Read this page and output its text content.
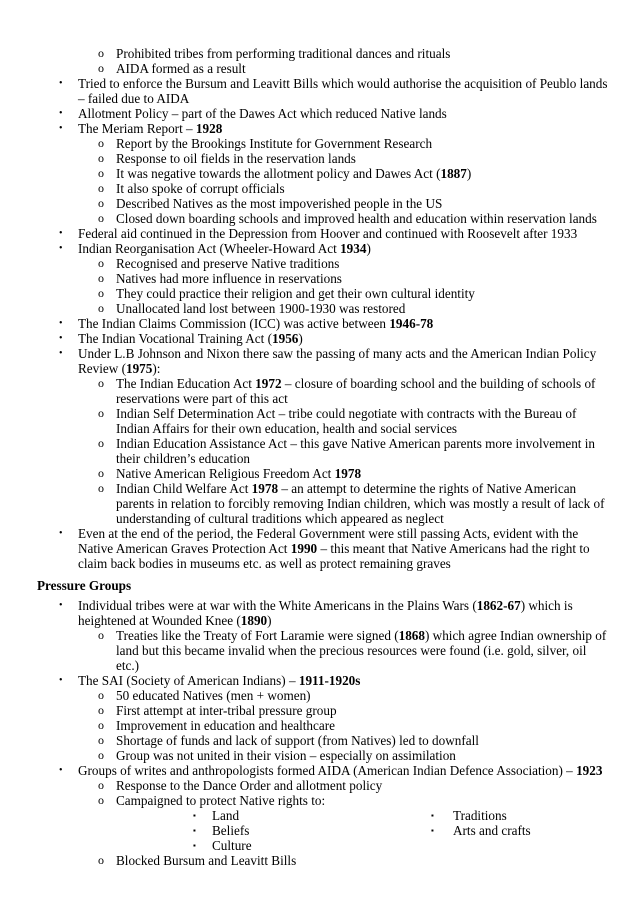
Pressure Groups
o Prohibited tribes from performing traditional dances and rituals
o AIDA formed as a result
• Tried to enforce the Bursum and Leavitt Bills which would authorise the acquisition of Peublo lands
– failed due to AIDA
• Allotment Policy – part of the Dawes Act which reduced Native lands
• The Meriam Report – 1928
o Report by the Brookings Institute for Government Research
o Response to oil fields in the reservation lands
o It was negative towards the allotment policy and Dawes Act (1887)
o It also spoke of corrupt officials
o Described Natives as the most impoverished people in the US
o Closed down boarding schools and improved health and education within reservation lands
• Federal aid continued in the Depression from Hoover and continued with Roosevelt after 1933
• Indian Reorganisation Act (Wheeler-Howard Act 1934)
o Recognised and preserve Native traditions
o Natives had more influence in reservations
o They could practice their religion and get their own cultural identity
o Unallocated land lost between 1900-1930 was restored
• The Indian Claims Commission (ICC) was active between 1946-78
• The Indian Vocational Training Act (1956)
• Under L.B Johnson and Nixon there saw the passing of many acts and the American Indian Policy
Review (1975):
o The Indian Education Act 1972 – closure of boarding school and the building of schools of
reservations were part of this act
o Indian Self Determination Act – tribe could negotiate with contracts with the Bureau of
Indian Affairs for their own education, health and social services
o Indian Education Assistance Act – this gave Native American parents more involvement in
their children’s education
o Native American Religious Freedom Act 1978
o Indian Child Welfare Act 1978 – an attempt to determine the rights of Native American
parents in relation to forcibly removing Indian children, which was mostly a result of lack of
understanding of cultural traditions which appeared as neglect
• Even at the end of the period, the Federal Government were still passing Acts, evident with the
Native American Graves Protection Act 1990 – this meant that Native Americans had the right to
claim back bodies in museums etc. as well as protect remaining graves
• Individual tribes were at war with the White Americans in the Plains Wars (1862-67) which is
heightened at Wounded Knee (1890)
o Treaties like the Treaty of Fort Laramie were signed (1868) which agree Indian ownership of
land but this became invalid when the precious resources were found (i.e. gold, silver, oil
etc.)
• The SAI (Society of American Indians) – 1911-1920s
o 50 educated Natives (men + women)
o First attempt at inter-tribal pressure group
o Improvement in education and healthcare
o Shortage of funds and lack of support (from Natives) led to downfall
o Group was not united in their vision – especially on assimilation
• Groups of writes and anthropologists formed AIDA (American Indian Defence Association) – 1923
o Response to the Dance Order and allotment policy
o Campaigned to protect Native rights to:
▪ Land	▪ Traditions
▪ Beliefs	▪ Arts and crafts
▪ Culture
o Blocked Bursum and Leavitt Bills
